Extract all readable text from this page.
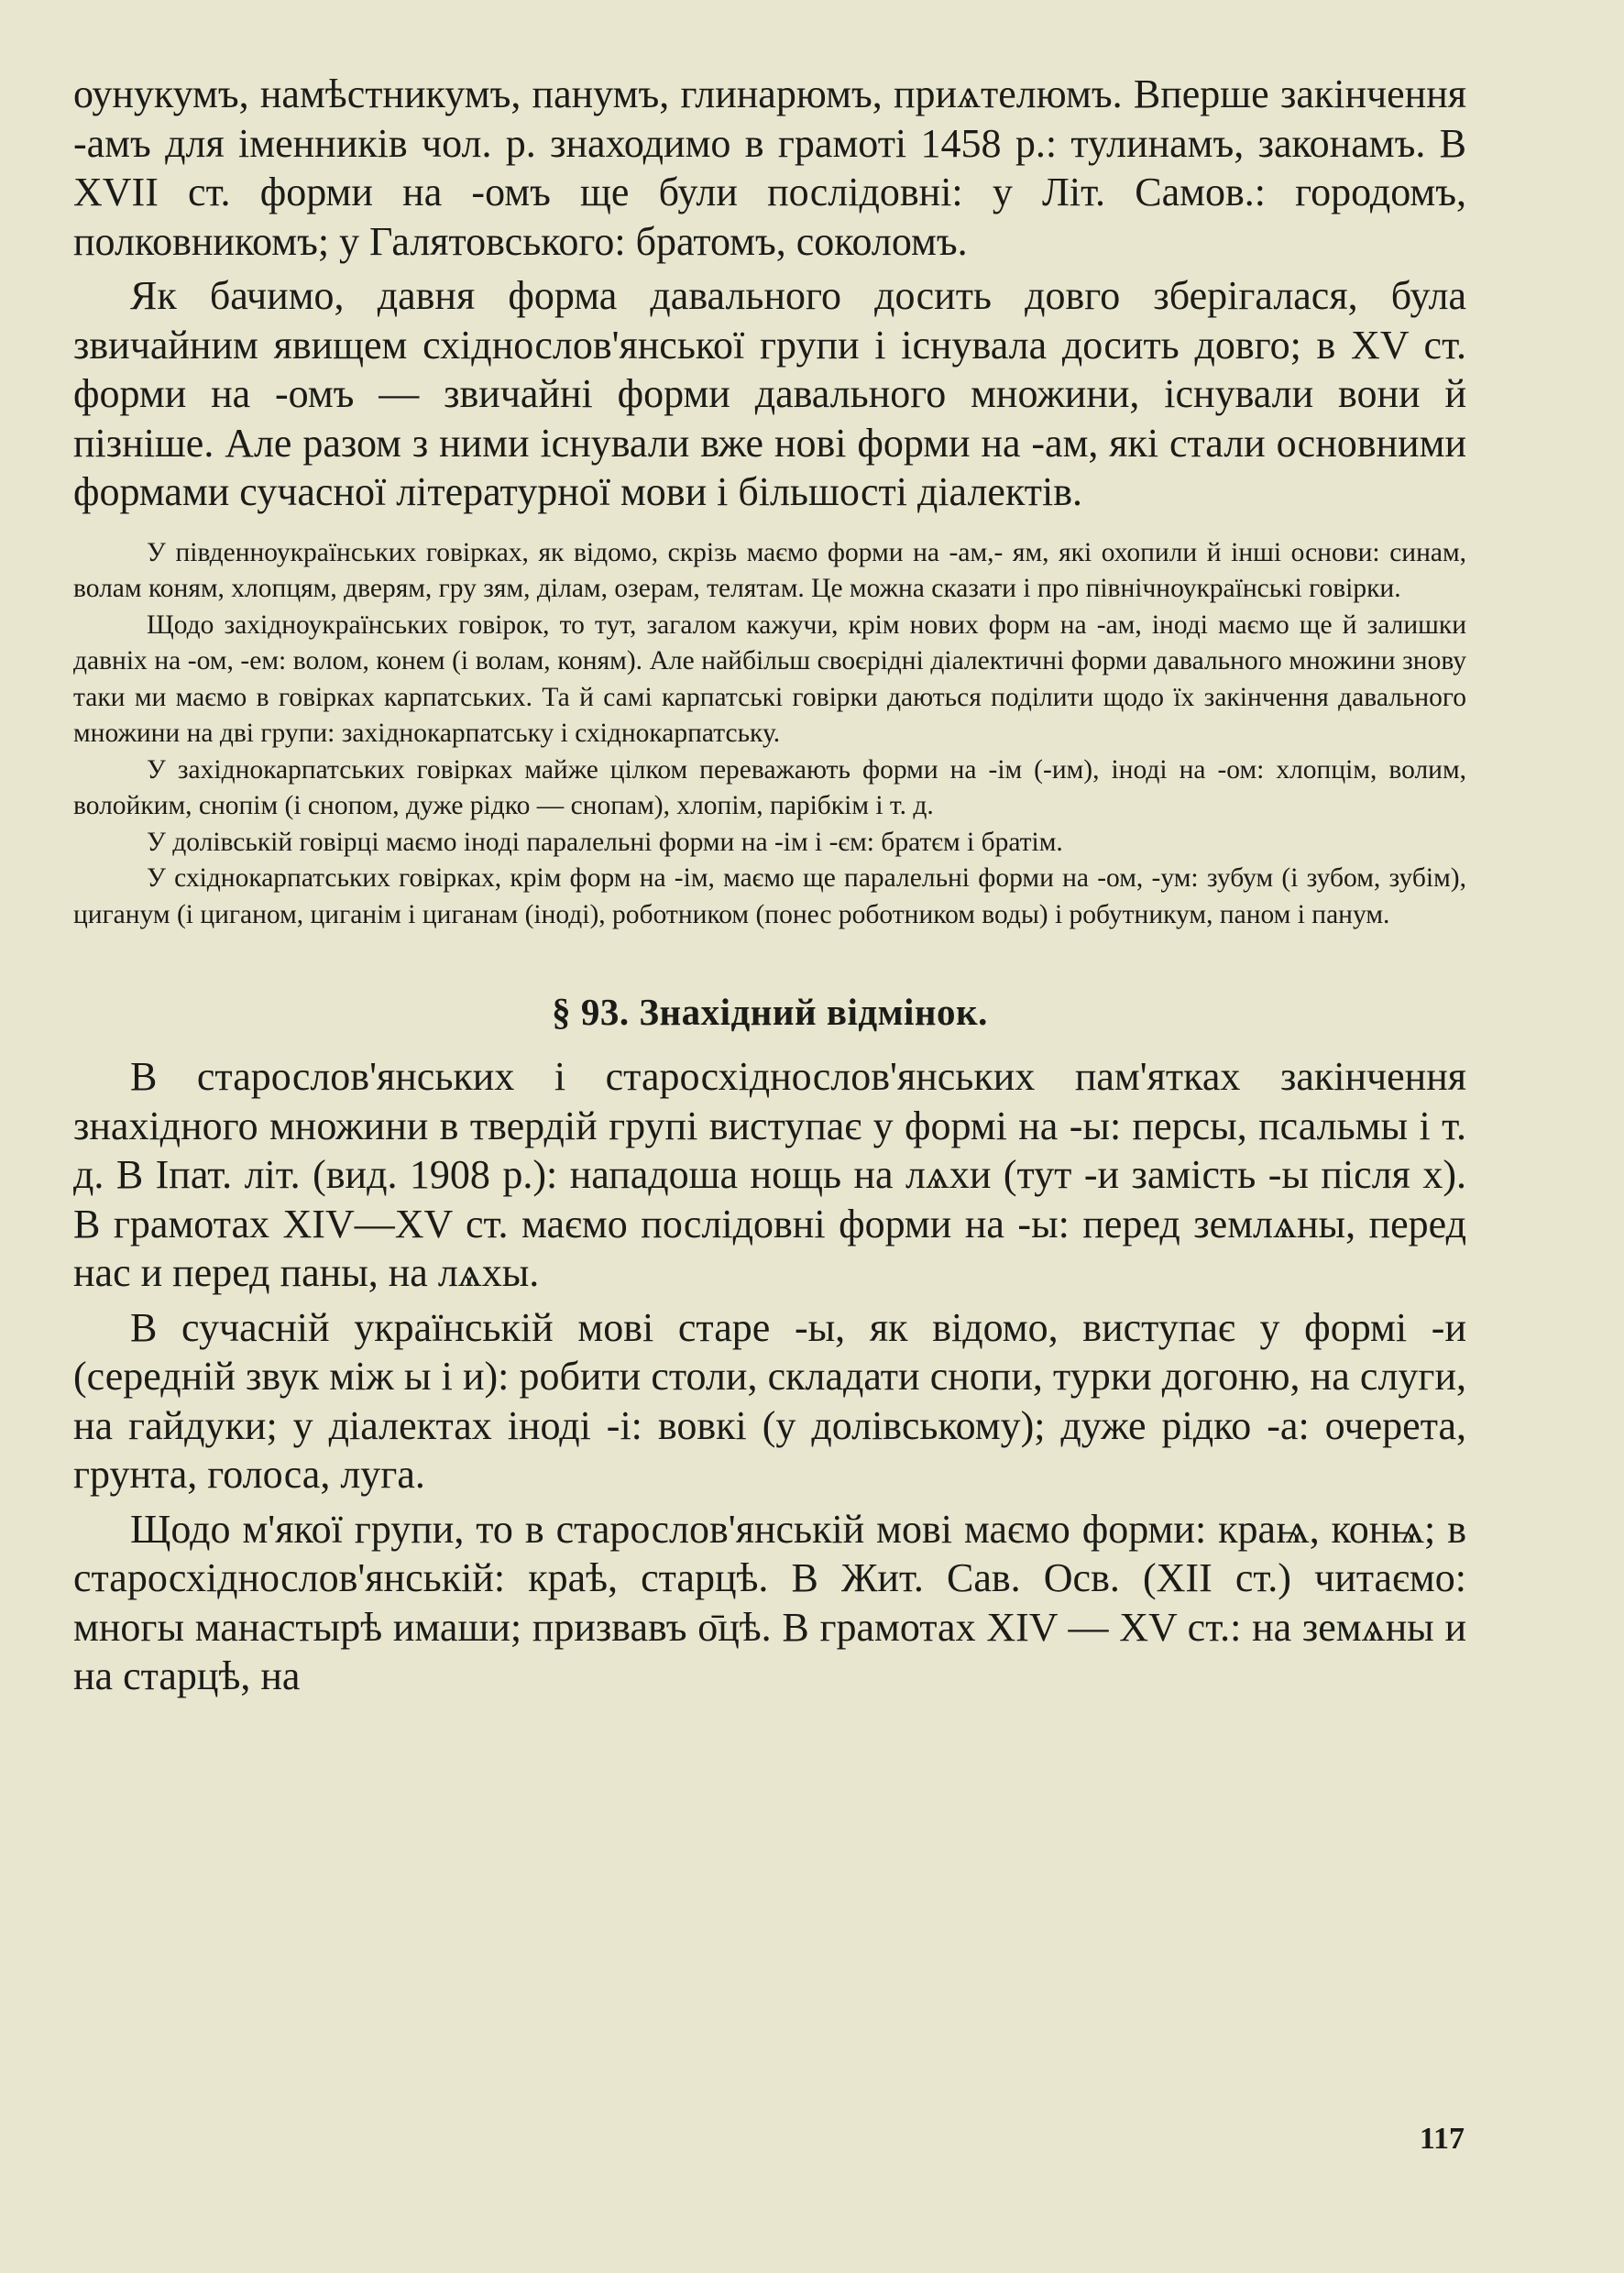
оунукумъ, намѣстникумъ, панумъ, глинарюмъ, приѧтелюмъ. Вперше закінчення -амъ для іменників чол. р. знаходимо в грамоті 1458 р.: тулинамъ, законамъ. В XVII ст. форми на -омъ ще були послідовні: у Літ. Самов.: городомъ, полковникомъ; у Галятовського: братомъ, соколомъ.

Як бачимо, давня форма давального досить довго зберігалася, була звичайним явищем східнослов'янської групи і існувала досить довго; в XV ст. форми на -омъ — звичайні форми давального множини, існували вони й пізніше. Але разом з ними існували вже нові форми на -ам, які стали основними формами сучасної літературної мови і більшості діалектів.

У південноукраїнських говірках, як відомо, скрізь маємо форми на -ам,- ям, які охопили й інші основи: синам, волам коням, хлопцям, дверям, гру зям, ділам, озерам, телятам. Це можна сказати і про північноукраїнські говірки.

Щодо західноукраїнських говірок, то тут, загалом кажучи, крім нових форм на -ам, іноді маємо ще й залишки давніх на -ом, -ем: волом, конем (і волам, коням). Але найбільш своєрідні діалектичні форми давального множини знову таки ми маємо в говірках карпатських. Та й самі карпатські говірки даються поділити щодо їх закінчення давального множини на дві групи: західнокарпатську і східнокарпатську.

У західнокарпатських говірках майже цілком переважають форми на -ім (-им), іноді на -ом: хлопцім, волим, волойким, снопім (і снопом, дуже рідко — снопам), хлопім, парібкім і т. д.

У долівській говірці маємо іноді паралельні форми на -ім і -єм: братєм і братім.

У східнокарпатських говірках, крім форм на -ім, маємо ще паралельні форми на -ом, -ум: зубум (і зубом, зубім), циганум (і циганом, циганім і циганам (іноді), роботником (понес роботником воды) і робутникум, паном і панум.

§ 93. Знахідний відмінок.

В старослов'янських і старосхіднослов'янських пам'ятках закінчення знахідного множини в твердій групі виступає у формі на -ы: персы, псальмы і т. д. В Іпат. літ. (вид. 1908 р.): нападоша нощь на лѧхи (тут -и замість -ы після х). В грамотах XIV—XV ст. маємо послідовні форми на -ы: перед землѧны, перед нас и перед паны, на лѧхы.

В сучасній українській мові старе -ы, як відомо, виступає у формі -и (середній звук між ы і и): робити столи, складати снопи, турки догоню, на слуги, на гайдуки; у діалектах іноді -і: вовкі (у долівському); дуже рідко -а: очерета, грунта, голоса, луга.

Щодо м'якої групи, то в старослов'янській мові маємо форми: краѩ, конѩ; в старосхіднослов'янській: краѣ, старцѣ. В Жит. Сав. Осв. (XII ст.) читаємо: многы манастырѣ имаши; призвавъ о̄цѣ. В грамотах XIV — XV ст.: на земѧны и на старцѣ, на

117
